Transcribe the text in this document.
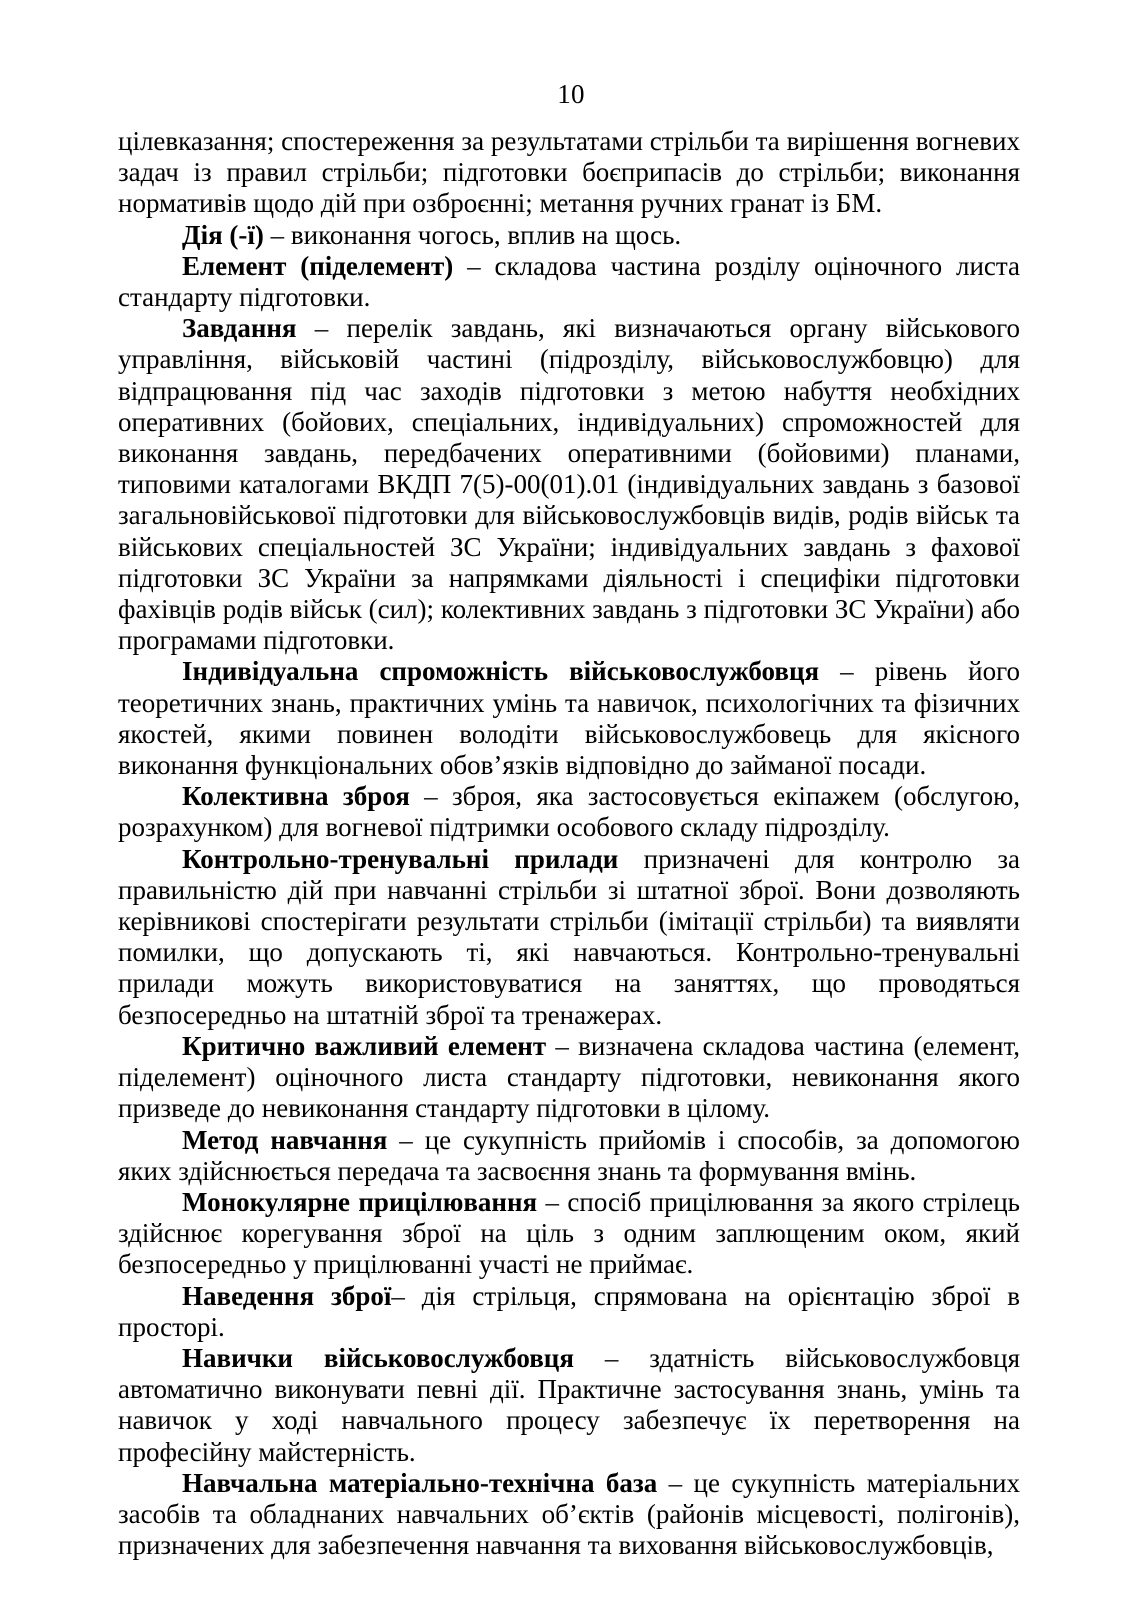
10

цілевказання; спостереження за результатами стрільби та вирішення вогневих задач із правил стрільби; підготовки боєприпасів до стрільби; виконання нормативів щодо дій при озброєнні; метання ручних гранат із БМ.

Дія (-ї) – виконання чогось, вплив на щось.

Елемент (піделемент) – складова частина розділу оціночного листа стандарту підготовки.

Завдання – перелік завдань, які визначаються органу військового управління, військовій частині (підрозділу, військовослужбовцю) для відпрацювання під час заходів підготовки з метою набуття необхідних оперативних (бойових, спеціальних, індивідуальних) спроможностей для виконання завдань, передбачених оперативними (бойовими) планами, типовими каталогами ВКДП 7(5)-00(01).01 (індивідуальних завдань з базової загальновійськової підготовки для військовослужбовців видів, родів військ та військових спеціальностей ЗС України; індивідуальних завдань з фахової підготовки ЗС України за напрямками діяльності і специфіки підготовки фахівців родів військ (сил); колективних завдань з підготовки ЗС України) або програмами підготовки.

Індивідуальна спроможність військовослужбовця – рівень його теоретичних знань, практичних умінь та навичок, психологічних та фізичних якостей, якими повинен володіти військовослужбовець для якісного виконання функціональних обов’язків відповідно до займаної посади.

Колективна зброя – зброя, яка застосовується екіпажем (обслугою, розрахунком) для вогневої підтримки особового складу підрозділу.

Контрольно-тренувальні прилади призначені для контролю за правильністю дій при навчанні стрільби зі штатної зброї. Вони дозволяють керівникові спостерігати результати стрільби (імітації стрільби) та виявляти помилки, що допускають ті, які навчаються. Контрольно-тренувальні прилади можуть використовуватися на заняттях, що проводяться безпосередньо на штатній зброї та тренажерах.

Критично важливий елемент – визначена складова частина (елемент, піделемент) оціночного листа стандарту підготовки, невиконання якого призведе до невиконання стандарту підготовки в цілому.

Метод навчання – це сукупність прийомів і способів, за допомогою яких здійснюється передача та засвоєння знань та формування вмінь.

Монокулярне прицілювання – спосіб прицілювання за якого стрілець здійснює корегування зброї на ціль з одним заплющеним оком, який безпосередньо у прицілюванні участі не приймає.

Наведення зброї– дія стрільця, спрямована на орієнтацію зброї в просторі.

Навички військовослужбовця – здатність військовослужбовця автоматично виконувати певні дії. Практичне застосування знань, умінь та навичок у ході навчального процесу забезпечує їх перетворення на професійну майстерність.

Навчальна матеріально-технічна база – це сукупність матеріальних засобів та обладнаних навчальних об’єктів (районів місцевості, полігонів), призначених для забезпечення навчання та виховання військовослужбовців,
